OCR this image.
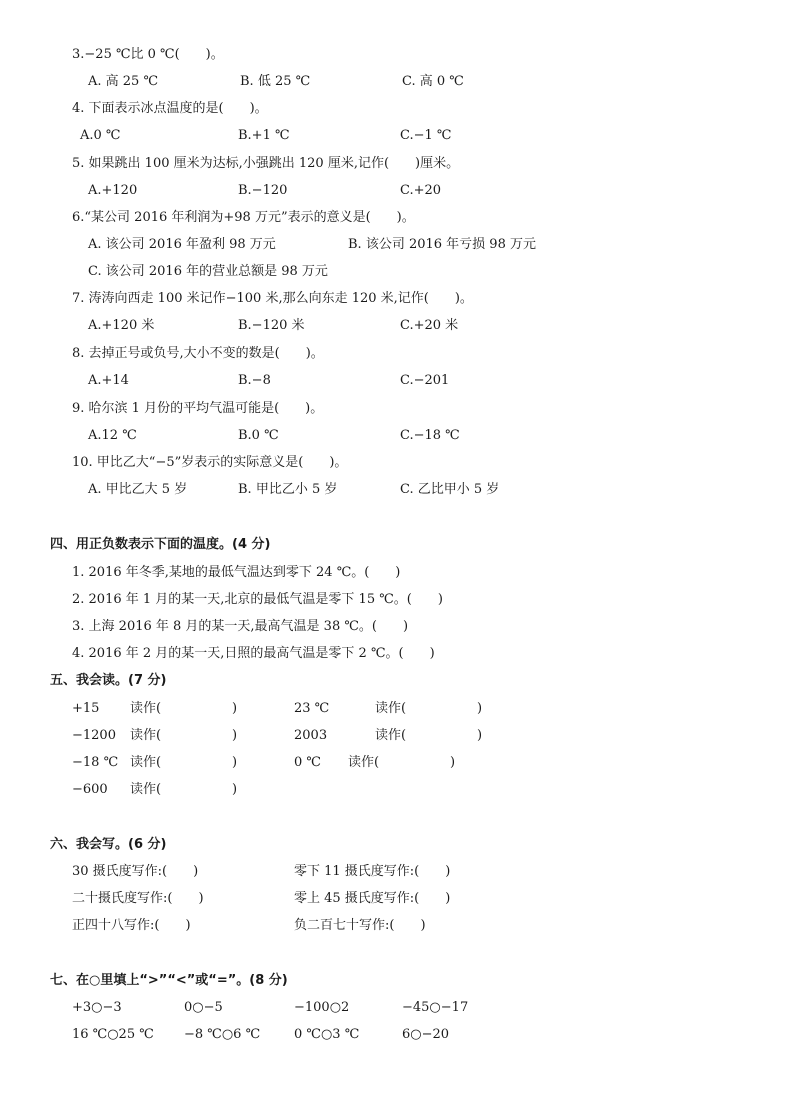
3.−25 ℃比 0 ℃(　　)。
A. 高 25 ℃	B. 低 25 ℃	C. 高 0 ℃
4. 下面表示冰点温度的是(　　)。
A.0 ℃	B.+1 ℃	C.−1 ℃
5. 如果跳出 100 厘米为达标,小强跳出 120 厘米,记作(　　)厘米。
A.+120	B.−120	C.+20
6.“某公司 2016 年利润为+98 万元”表示的意义是(　　)。
A. 该公司 2016 年盈利 98 万元	B. 该公司 2016 年亏损 98 万元
C. 该公司 2016 年的营业总额是 98 万元
7. 涛涛向西走 100 米记作−100 米,那么向东走 120 米,记作(　　)。
A.+120 米	B.−120 米	C.+20 米
8. 去掉正号或负号,大小不变的数是(　　)。
A.+14	B.−8	C.−201
9. 哈尔滨 1 月份的平均气温可能是(　　)。
A.12 ℃	B.0 ℃	C.−18 ℃
10. 甲比乙大“−5”岁表示的实际意义是(　　)。
A. 甲比乙大 5 岁	B. 甲比乙小 5 岁	C. 乙比甲小 5 岁
四、用正负数表示下面的温度。(4 分)
1. 2016 年冬季,某地的最低气温达到零下 24 ℃。(　　)
2. 2016 年 1 月的某一天,北京的最低气温是零下 15 ℃。(　　)
3. 上海 2016 年 8 月的某一天,最高气温是 38 ℃。(　　)
4. 2016 年 2 月的某一天,日照的最高气温是零下 2 ℃。(　　)
五、我会读。(7 分)
+15 读作(	)	23 ℃	读作(	)
−1200 读作(	)	2003	读作(	)
−18 ℃ 读作(	)	0 ℃ 读作(	)
−600 读作(	)
六、我会写。(6 分)
30 摄氏度写作:(　　)	零下 11 摄氏度写作:(　　)
二十摄氏度写作:(　　)	零上 45 摄氏度写作:(　　)
正四十八写作:(　　)	负二百七十写作:(　　)
七、在○里填上“>”“<”或“=”。(8 分)
+3○−3	0○−5	−100○2	−45○−17
16 ℃○25 ℃ −8 ℃○6 ℃	0 ℃○3 ℃	6○−20
